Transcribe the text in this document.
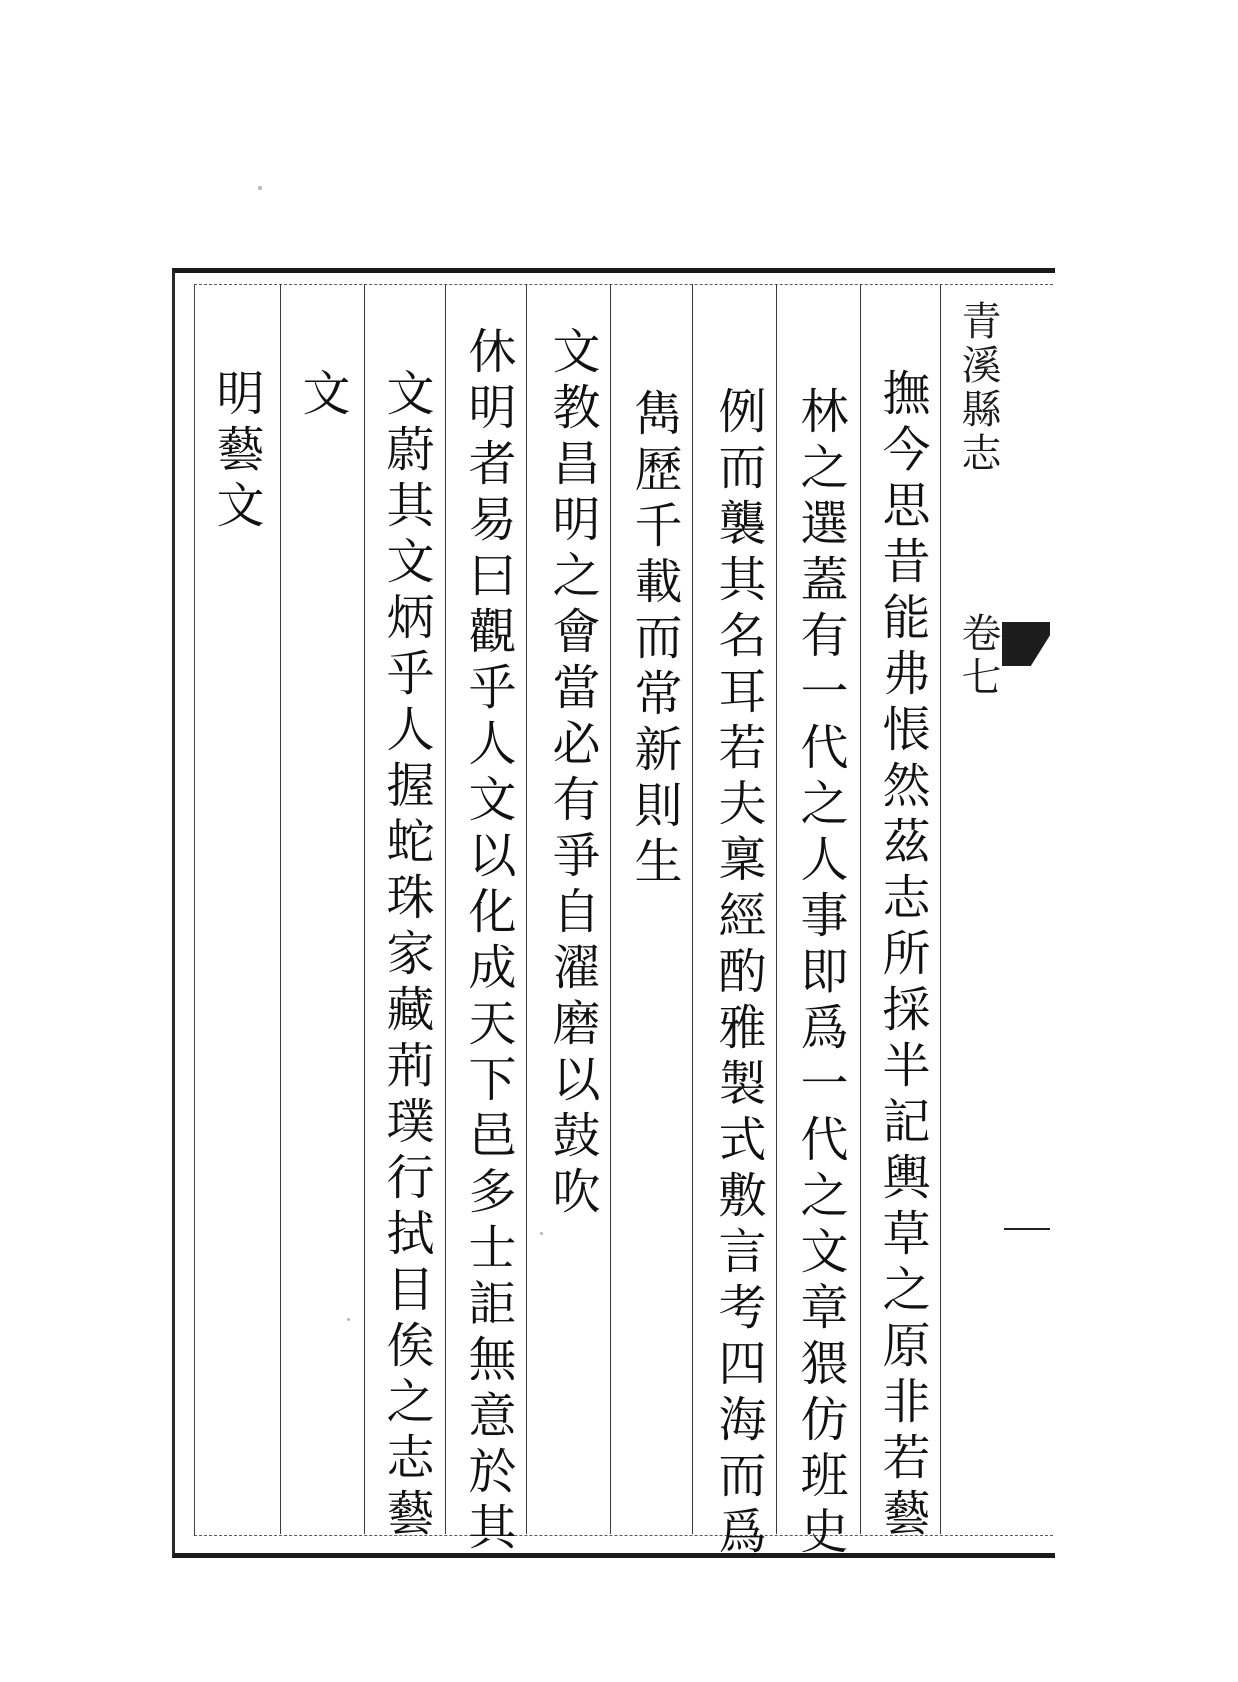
青溪縣志
卷七
撫今思昔能弗悵然茲志所採半記輿草之原非若藝
林之選蓋有一代之人事即爲一代之文章猥仿班史
例而襲其名耳若夫稟經酌雅製式敷言考四海而爲
雋歷千載而常新則生
文教昌明之會當必有爭自濯磨以鼓吹
休明者易曰觀乎人文以化成天下邑多士詎無意於其
文蔚其文炳乎人握蛇珠家藏荊璞行拭目俟之志藝
文
明藝文
